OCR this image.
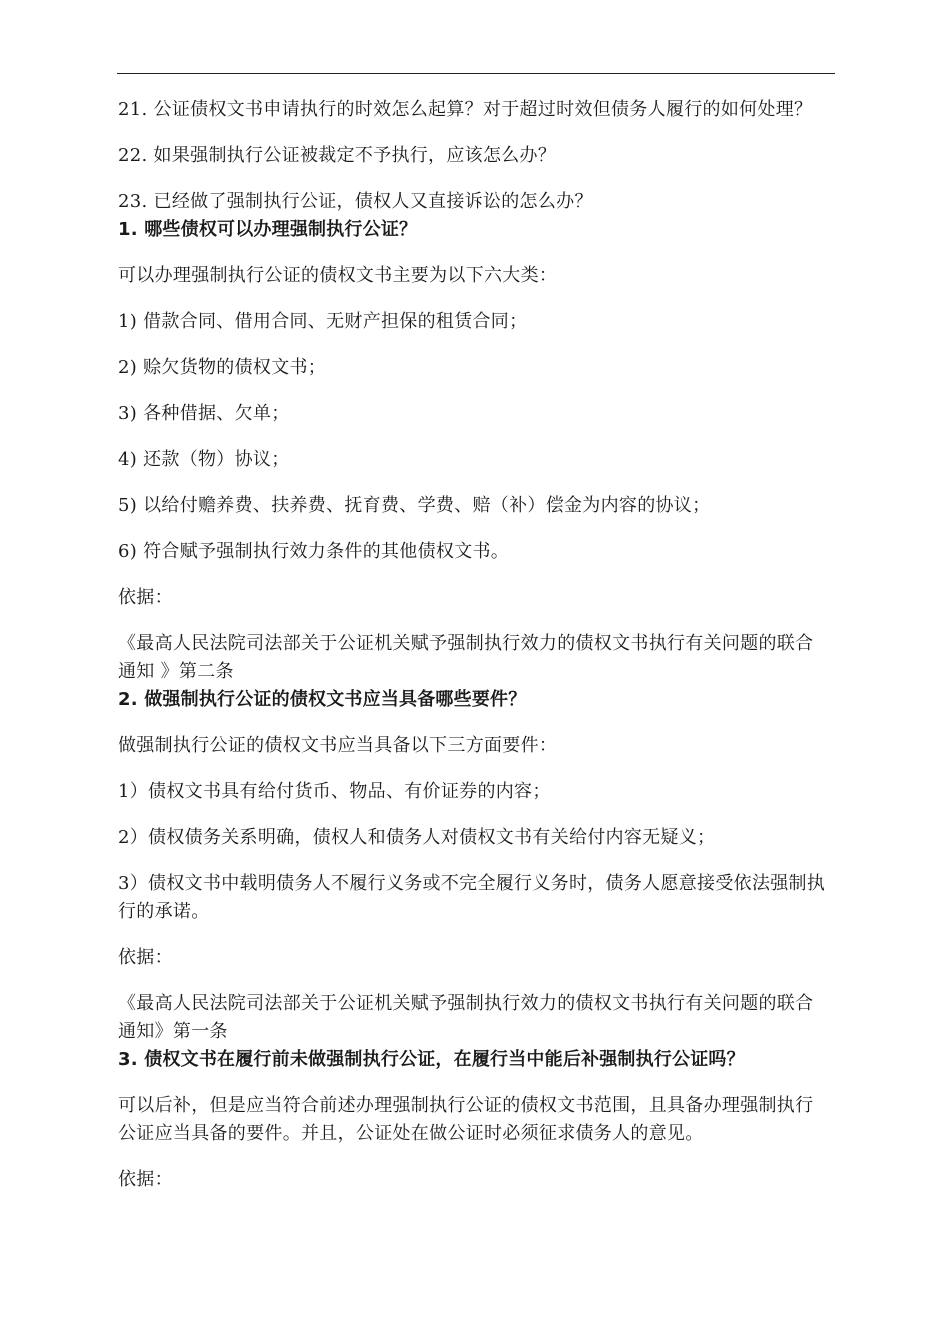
21. 公证债权文书申请执行的时效怎么起算？对于超过时效但债务人履行的如何处理？

22. 如果强制执行公证被裁定不予执行，应该怎么办？

23. 已经做了强制执行公证，债权人又直接诉讼的怎么办？

1. 哪些债权可以办理强制执行公证？

可以办理强制执行公证的债权文书主要为以下六大类：

1) 借款合同、借用合同、无财产担保的租赁合同；

2) 赊欠货物的债权文书；

3) 各种借据、欠单；

4) 还款（物）协议；

5) 以给付赡养费、扶养费、抚育费、学费、赔（补）偿金为内容的协议；

6) 符合赋予强制执行效力条件的其他债权文书。

依据：

《最高人民法院司法部关于公证机关赋予强制执行效力的债权文书执行有关问题的联合通知 》第二条

2. 做强制执行公证的债权文书应当具备哪些要件？

做强制执行公证的债权文书应当具备以下三方面要件：

1）债权文书具有给付货币、物品、有价证券的内容；

2）债权债务关系明确，债权人和债务人对债权文书有关给付内容无疑义；

3）债权文书中载明债务人不履行义务或不完全履行义务时，债务人愿意接受依法强制执行的承诺。

依据：

《最高人民法院司法部关于公证机关赋予强制执行效力的债权文书执行有关问题的联合通知》第一条

3. 债权文书在履行前未做强制执行公证，在履行当中能后补强制执行公证吗？

可以后补，但是应当符合前述办理强制执行公证的债权文书范围，且具备办理强制执行公证应当具备的要件。并且，公证处在做公证时必须征求债务人的意见。

依据：
